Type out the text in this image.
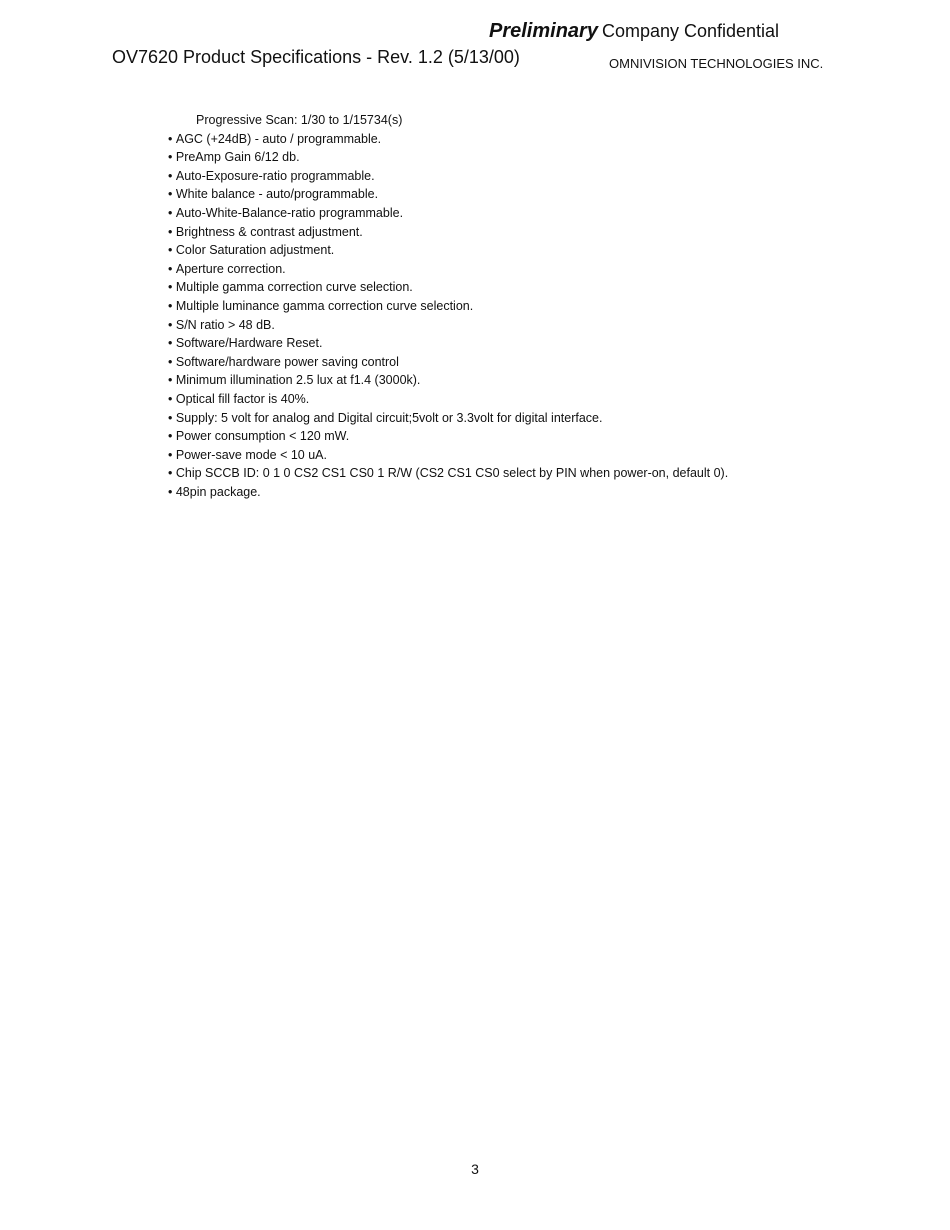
OV7620 Product Specifications - Rev. 1.2 (5/13/00)
Preliminary Company Confidential
OMNIVISION TECHNOLOGIES INC.
Progressive Scan: 1/30 to 1/15734(s)
• AGC (+24dB) - auto / programmable.
• PreAmp Gain 6/12 db.
• Auto-Exposure-ratio programmable.
• White balance - auto/programmable.
• Auto-White-Balance-ratio programmable.
• Brightness & contrast adjustment.
• Color Saturation adjustment.
• Aperture correction.
• Multiple gamma correction curve selection.
• Multiple luminance gamma correction curve selection.
• S/N ratio > 48 dB.
• Software/Hardware Reset.
• Software/hardware power saving control
• Minimum illumination 2.5 lux at f1.4 (3000k).
• Optical fill factor is 40%.
• Supply: 5 volt for analog and Digital circuit;5volt or 3.3volt for digital interface.
• Power consumption < 120 mW.
• Power-save mode < 10 uA.
• Chip SCCB ID: 0 1 0 CS2 CS1 CS0 1 R/W (CS2 CS1 CS0 select by PIN when power-on, default 0).
• 48pin package.
3
